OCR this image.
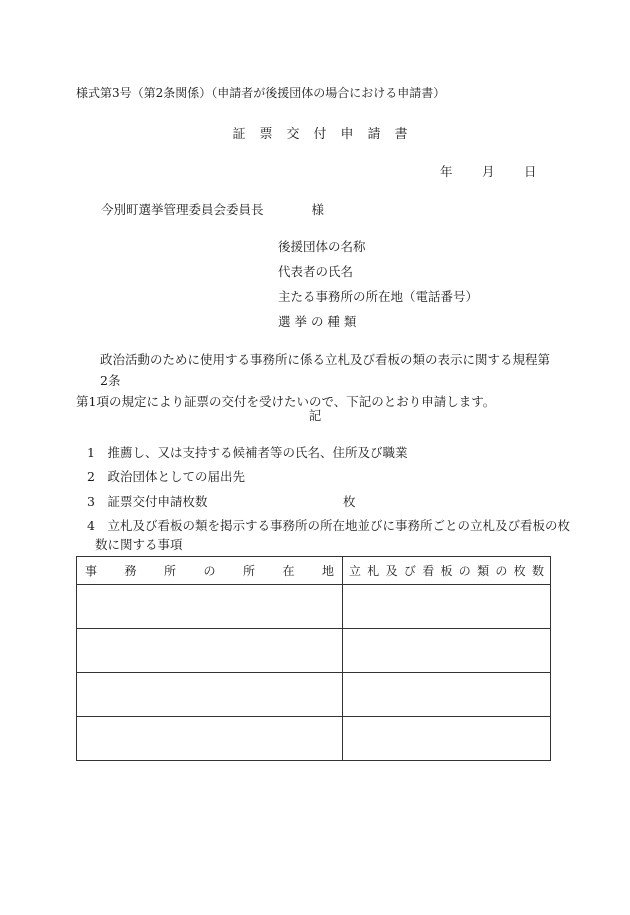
様式第3号（第2条関係）（申請者が後援団体の場合における申請書）
証票交付申請書
年 月 日
今別町選挙管理委員会委員長	様
後援団体の名称
代表者の氏名
主たる事務所の所在地（電話番号）
選 挙 の 種 類
政治活動のために使用する事務所に係る立札及び看板の類の表示に関する規程第2条
第1項の規定により証票の交付を受けたいので、下記のとおり申請します。
記
1　推薦し、又は支持する候補者等の氏名、住所及び職業
2　政治団体としての届出先
3　証票交付申請枚数	枚
4　立札及び看板の類を掲示する事務所の所在地並びに事務所ごとの立札及び看板の枚
数に関する事項
事務所の所在地	立札及び看板の類の枚数
